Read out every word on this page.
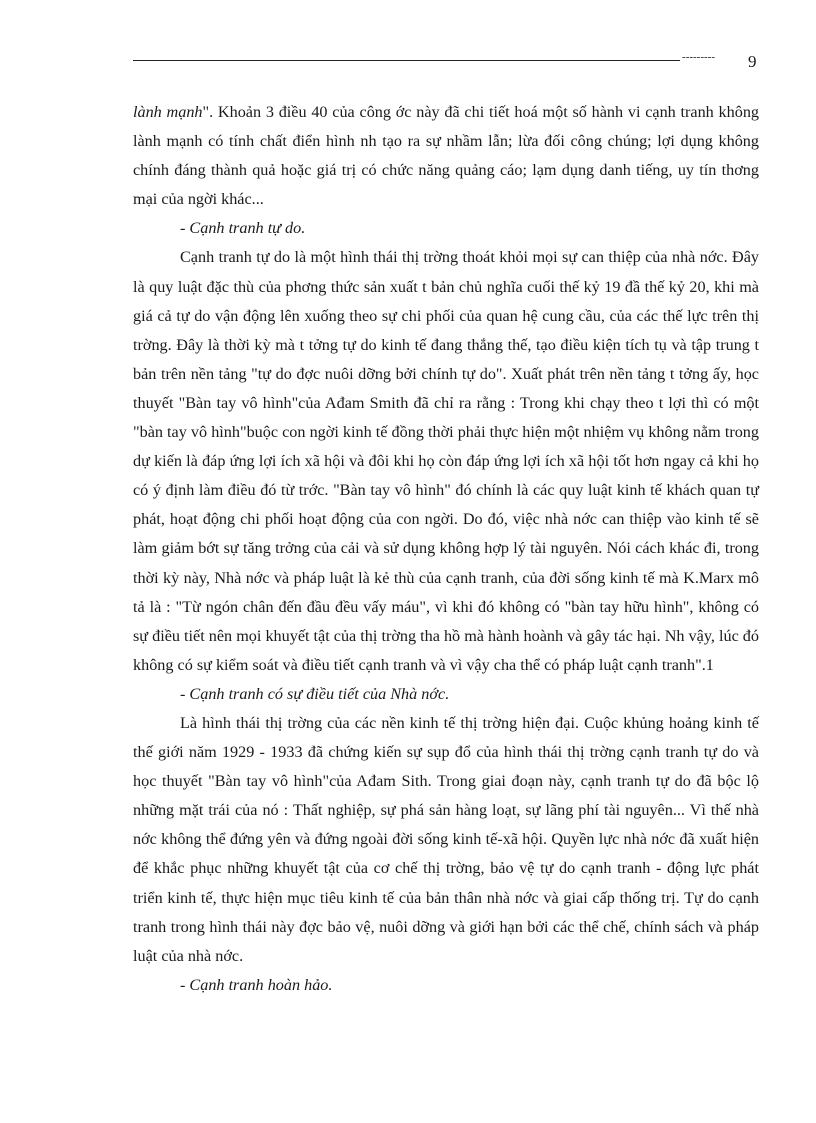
--------- 9

lành mạnh". Khoản 3 điều 40 của công ớc này đã chi tiết hoá một số hành vi cạnh tranh không lành mạnh có tính chất điển hình nh tạo ra sự nhầm lẫn; lừa đối công chúng; lợi dụng không chính đáng thành quả hoặc giá trị có chức năng quảng cáo; lạm dụng danh tiếng, uy tín thơng mại của ngời khác...

- Cạnh tranh tự do.

Cạnh tranh tự do là một hình thái thị trờng thoát khỏi mọi sự can thiệp của nhà nớc. Đây là quy luật đặc thù của phơng thức sản xuất t bản chủ nghĩa cuối thế kỷ 19 đầ thế kỷ 20, khi mà giá cả tự do vận động lên xuống theo sự chi phối của quan hệ cung cầu, của các thế lực trên thị trờng. Đây là thời kỳ mà t tởng tự do kinh tế đang thắng thế, tạo điều kiện tích tụ và tập trung t bản trên nền tảng "tự do đợc nuôi dỡng bởi chính tự do". Xuất phát trên nền tảng t tởng ấy, học thuyết "Bàn tay vô hình"của Ađam Smith đã chỉ ra rằng : Trong khi chạy theo t lợi thì có một "bàn tay vô hình"buộc con ngời kinh tế đồng thời phải thực hiện một nhiệm vụ không nằm trong dự kiến là đáp ứng lợi ích xã hội và đôi khi họ còn đáp ứng lợi ích xã hội tốt hơn ngay cả khi họ có ý định làm điều đó từ trớc. "Bàn tay vô hình" đó chính là các quy luật kinh tế khách quan tự phát, hoạt động chi phối hoạt động của con ngời. Do đó, việc nhà nớc can thiệp vào kinh tế sẽ làm giảm bớt sự tăng trởng của cải và sử dụng không hợp lý tài nguyên. Nói cách khác đi, trong thời kỳ này, Nhà nớc và pháp luật là kẻ thù của cạnh tranh, của đời sống kinh tế mà K.Marx mô tả là : "Từ ngón chân đến đầu đều vấy máu", vì khi đó không có "bàn tay hữu hình", không có sự điều tiết nên mọi khuyết tật của thị trờng tha hồ mà hành hoành và gây tác hại. Nh vậy, lúc đó không có sự kiểm soát và điều tiết cạnh tranh và vì vậy cha thể có pháp luật cạnh tranh".1

- Cạnh tranh có sự điều tiết của Nhà nớc.

Là hình thái thị trờng của các nền kinh tế thị trờng hiện đại. Cuộc khủng hoảng kinh tế thế giới năm 1929 - 1933 đã chứng kiến sự sụp đổ của hình thái thị trờng cạnh tranh tự do và học thuyết "Bàn tay vô hình"của Ađam Sith. Trong giai đoạn này, cạnh tranh tự do đã bộc lộ những mặt trái của nó : Thất nghiệp, sự phá sản hàng loạt, sự lãng phí tài nguyên... Vì thế nhà nớc không thể đứng yên và đứng ngoài đời sống kinh tế-xã hội. Quyền lực nhà nớc đã xuất hiện để khắc phục những khuyết tật của cơ chế thị trờng, bảo vệ tự do cạnh tranh - động lực phát triển kinh tế, thực hiện mục tiêu kinh tế của bản thân nhà nớc và giai cấp thống trị. Tự do cạnh tranh trong hình thái này đợc bảo vệ, nuôi dỡng và giới hạn bởi các thể chế, chính sách và pháp luật của nhà nớc.

- Cạnh tranh hoàn hảo.
